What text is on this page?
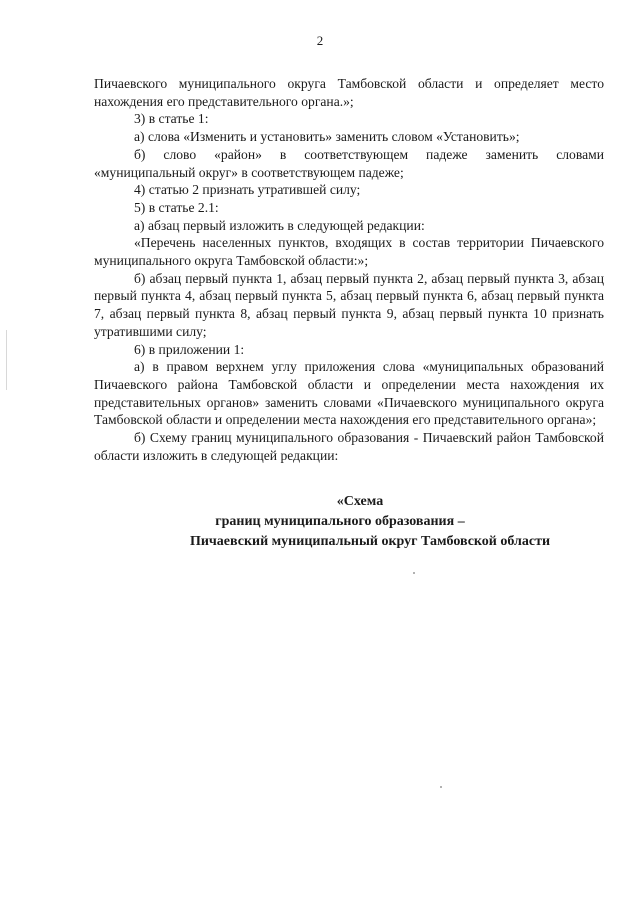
2

Пичаевского муниципального округа Тамбовской области и определяет место нахождения его представительного органа.»;

3) в статье 1:

а) слова «Изменить и установить» заменить словом «Установить»;

б) слово «район» в соответствующем падеже заменить словами «муниципальный округ» в соответствующем падеже;

4) статью 2 признать утратившей силу;

5) в статье 2.1:

а) абзац первый изложить в следующей редакции:

«Перечень населенных пунктов, входящих в состав территории Пичаевского муниципального округа Тамбовской области:»;

б) абзац первый пункта 1, абзац первый пункта 2, абзац первый пункта 3, абзац первый пункта 4, абзац первый пункта 5, абзац первый пункта 6, абзац первый пункта 7, абзац первый пункта 8, абзац первый пункта 9, абзац первый пункта 10 признать утратившими силу;

6) в приложении 1:

а) в правом верхнем углу приложения слова «муниципальных образований Пичаевского района Тамбовской области и определении места нахождения их представительных органов» заменить словами «Пичаевского муниципального округа Тамбовской области и определении места нахождения его представительного органа»;

б) Схему границ муниципального образования - Пичаевский район Тамбовской области изложить в следующей редакции:

«Схема
границ муниципального образования –
Пичаевский муниципальный округ Тамбовской области
